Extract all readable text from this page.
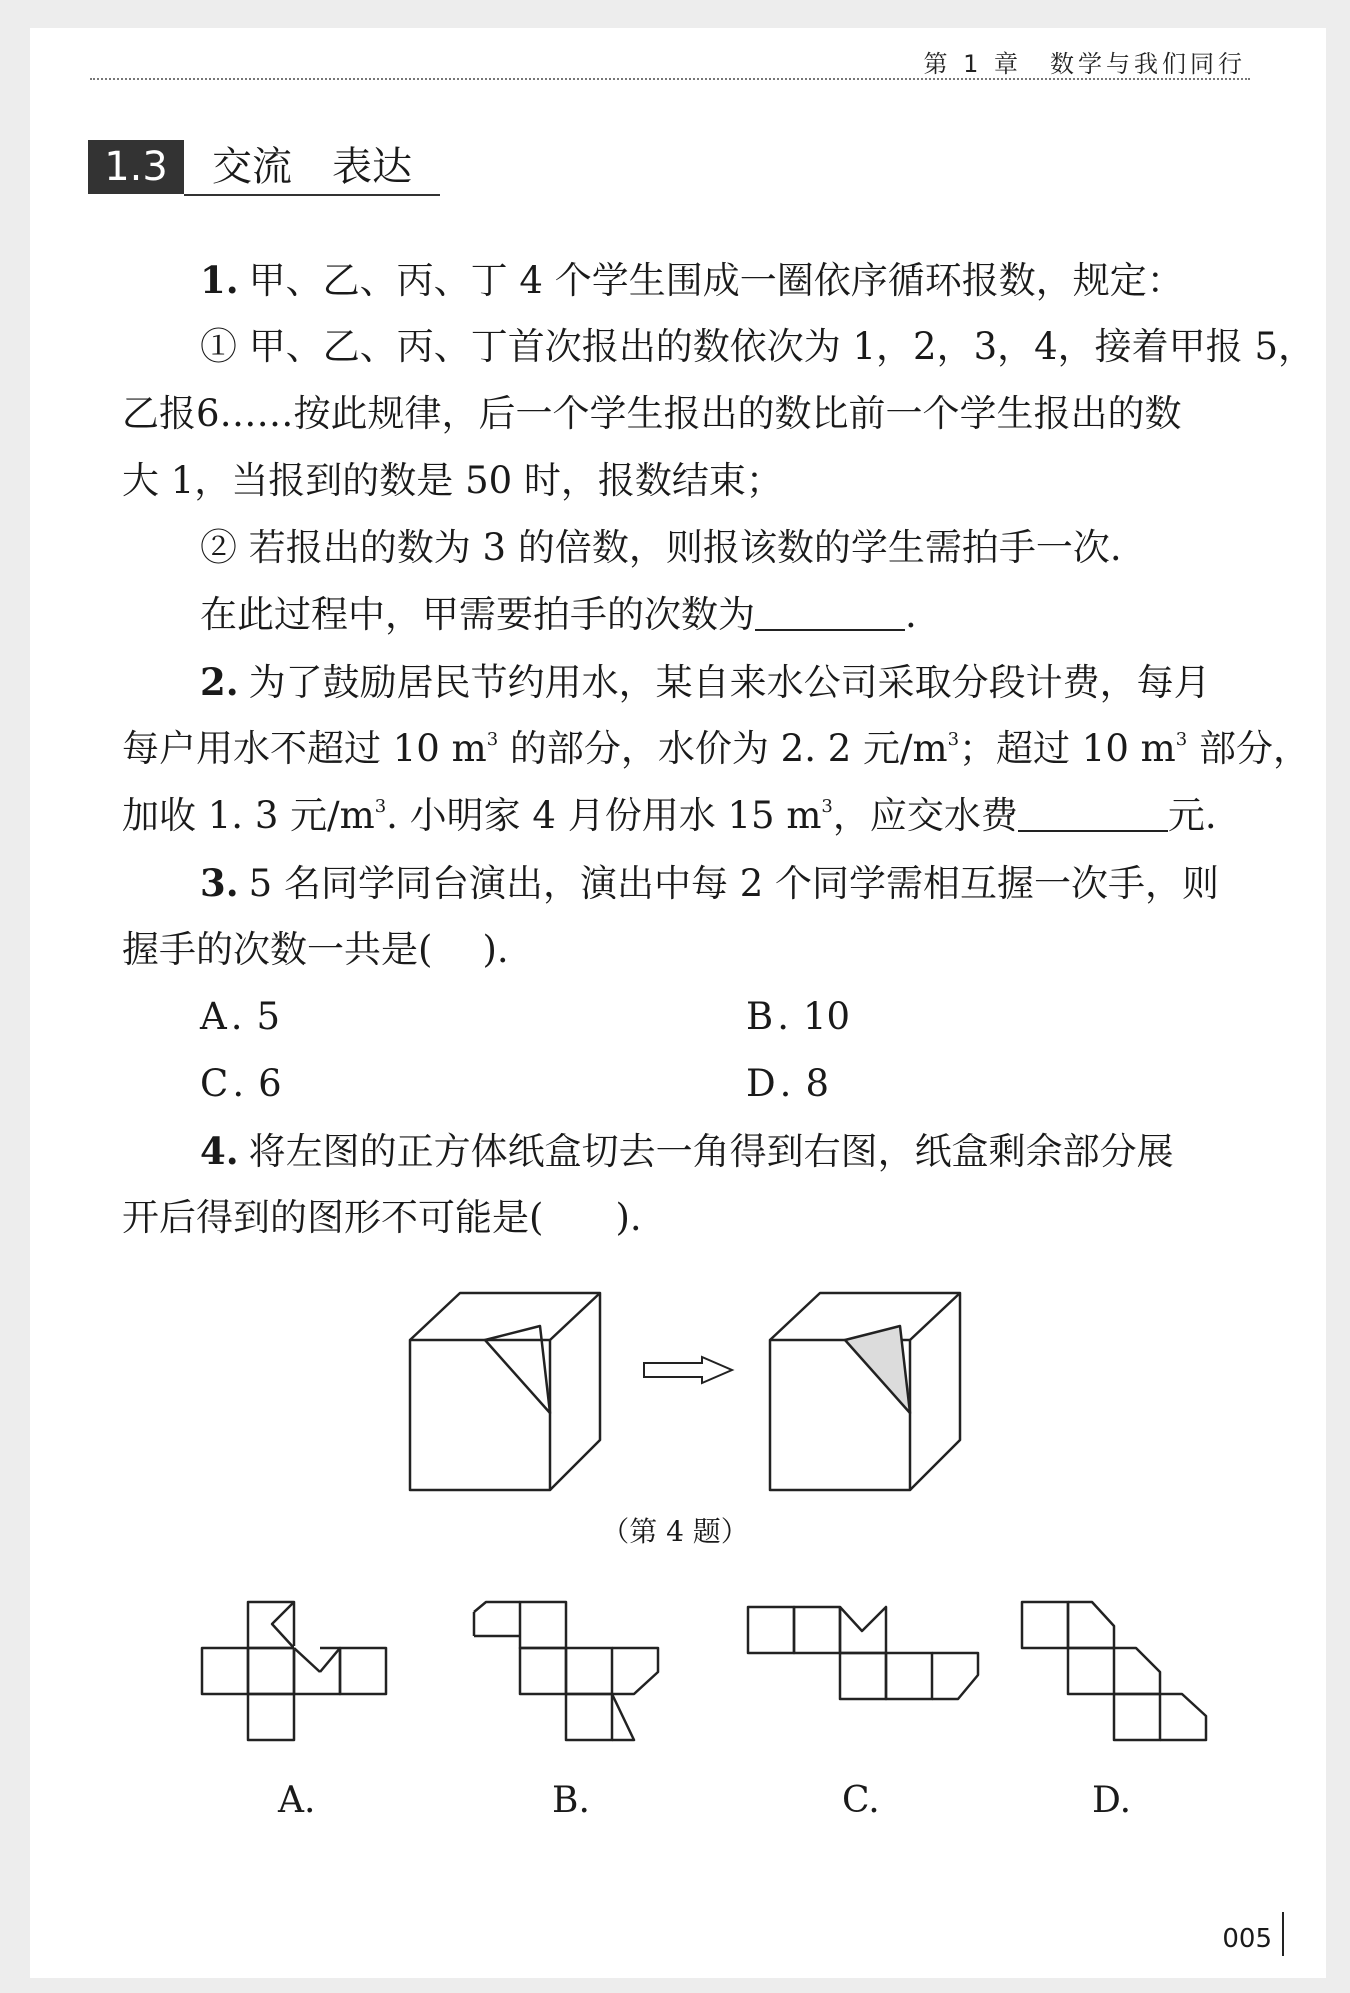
第 1 章　数学与我们同行
1.3	交流　表达
1. 甲、乙、丙、丁 4 个学生围成一圈依序循环报数，规定：
① 甲、乙、丙、丁首次报出的数依次为 1，2，3，4，接着甲报 5，
乙报6……按此规律，后一个学生报出的数比前一个学生报出的数
大 1，当报到的数是 50 时，报数结束；
② 若报出的数为 3 的倍数，则报该数的学生需拍手一次.
在此过程中，甲需要拍手的次数为	.
2. 为了鼓励居民节约用水，某自来水公司采取分段计费，每月
每户用水不超过 10 $m^3$ 的部分，水价为 2. 2 元$/m^3$；超过 10 $m^3$ 部分，
加收 1. 3 元$/m^3$. 小明家 4 月份用水 15 $m^3$，应交水费	元.
3. 5 名同学同台演出，演出中每 2 个同学需相互握一次手，则
握手的次数一共是( ).
A . 5	B . 10
C . 6	D . 8
4. 将左图的正方体纸盒切去一角得到右图，纸盒剩余部分展
开后得到的图形不可能是( ).
（第 4 题）
A.	B.	C.	D.
005
